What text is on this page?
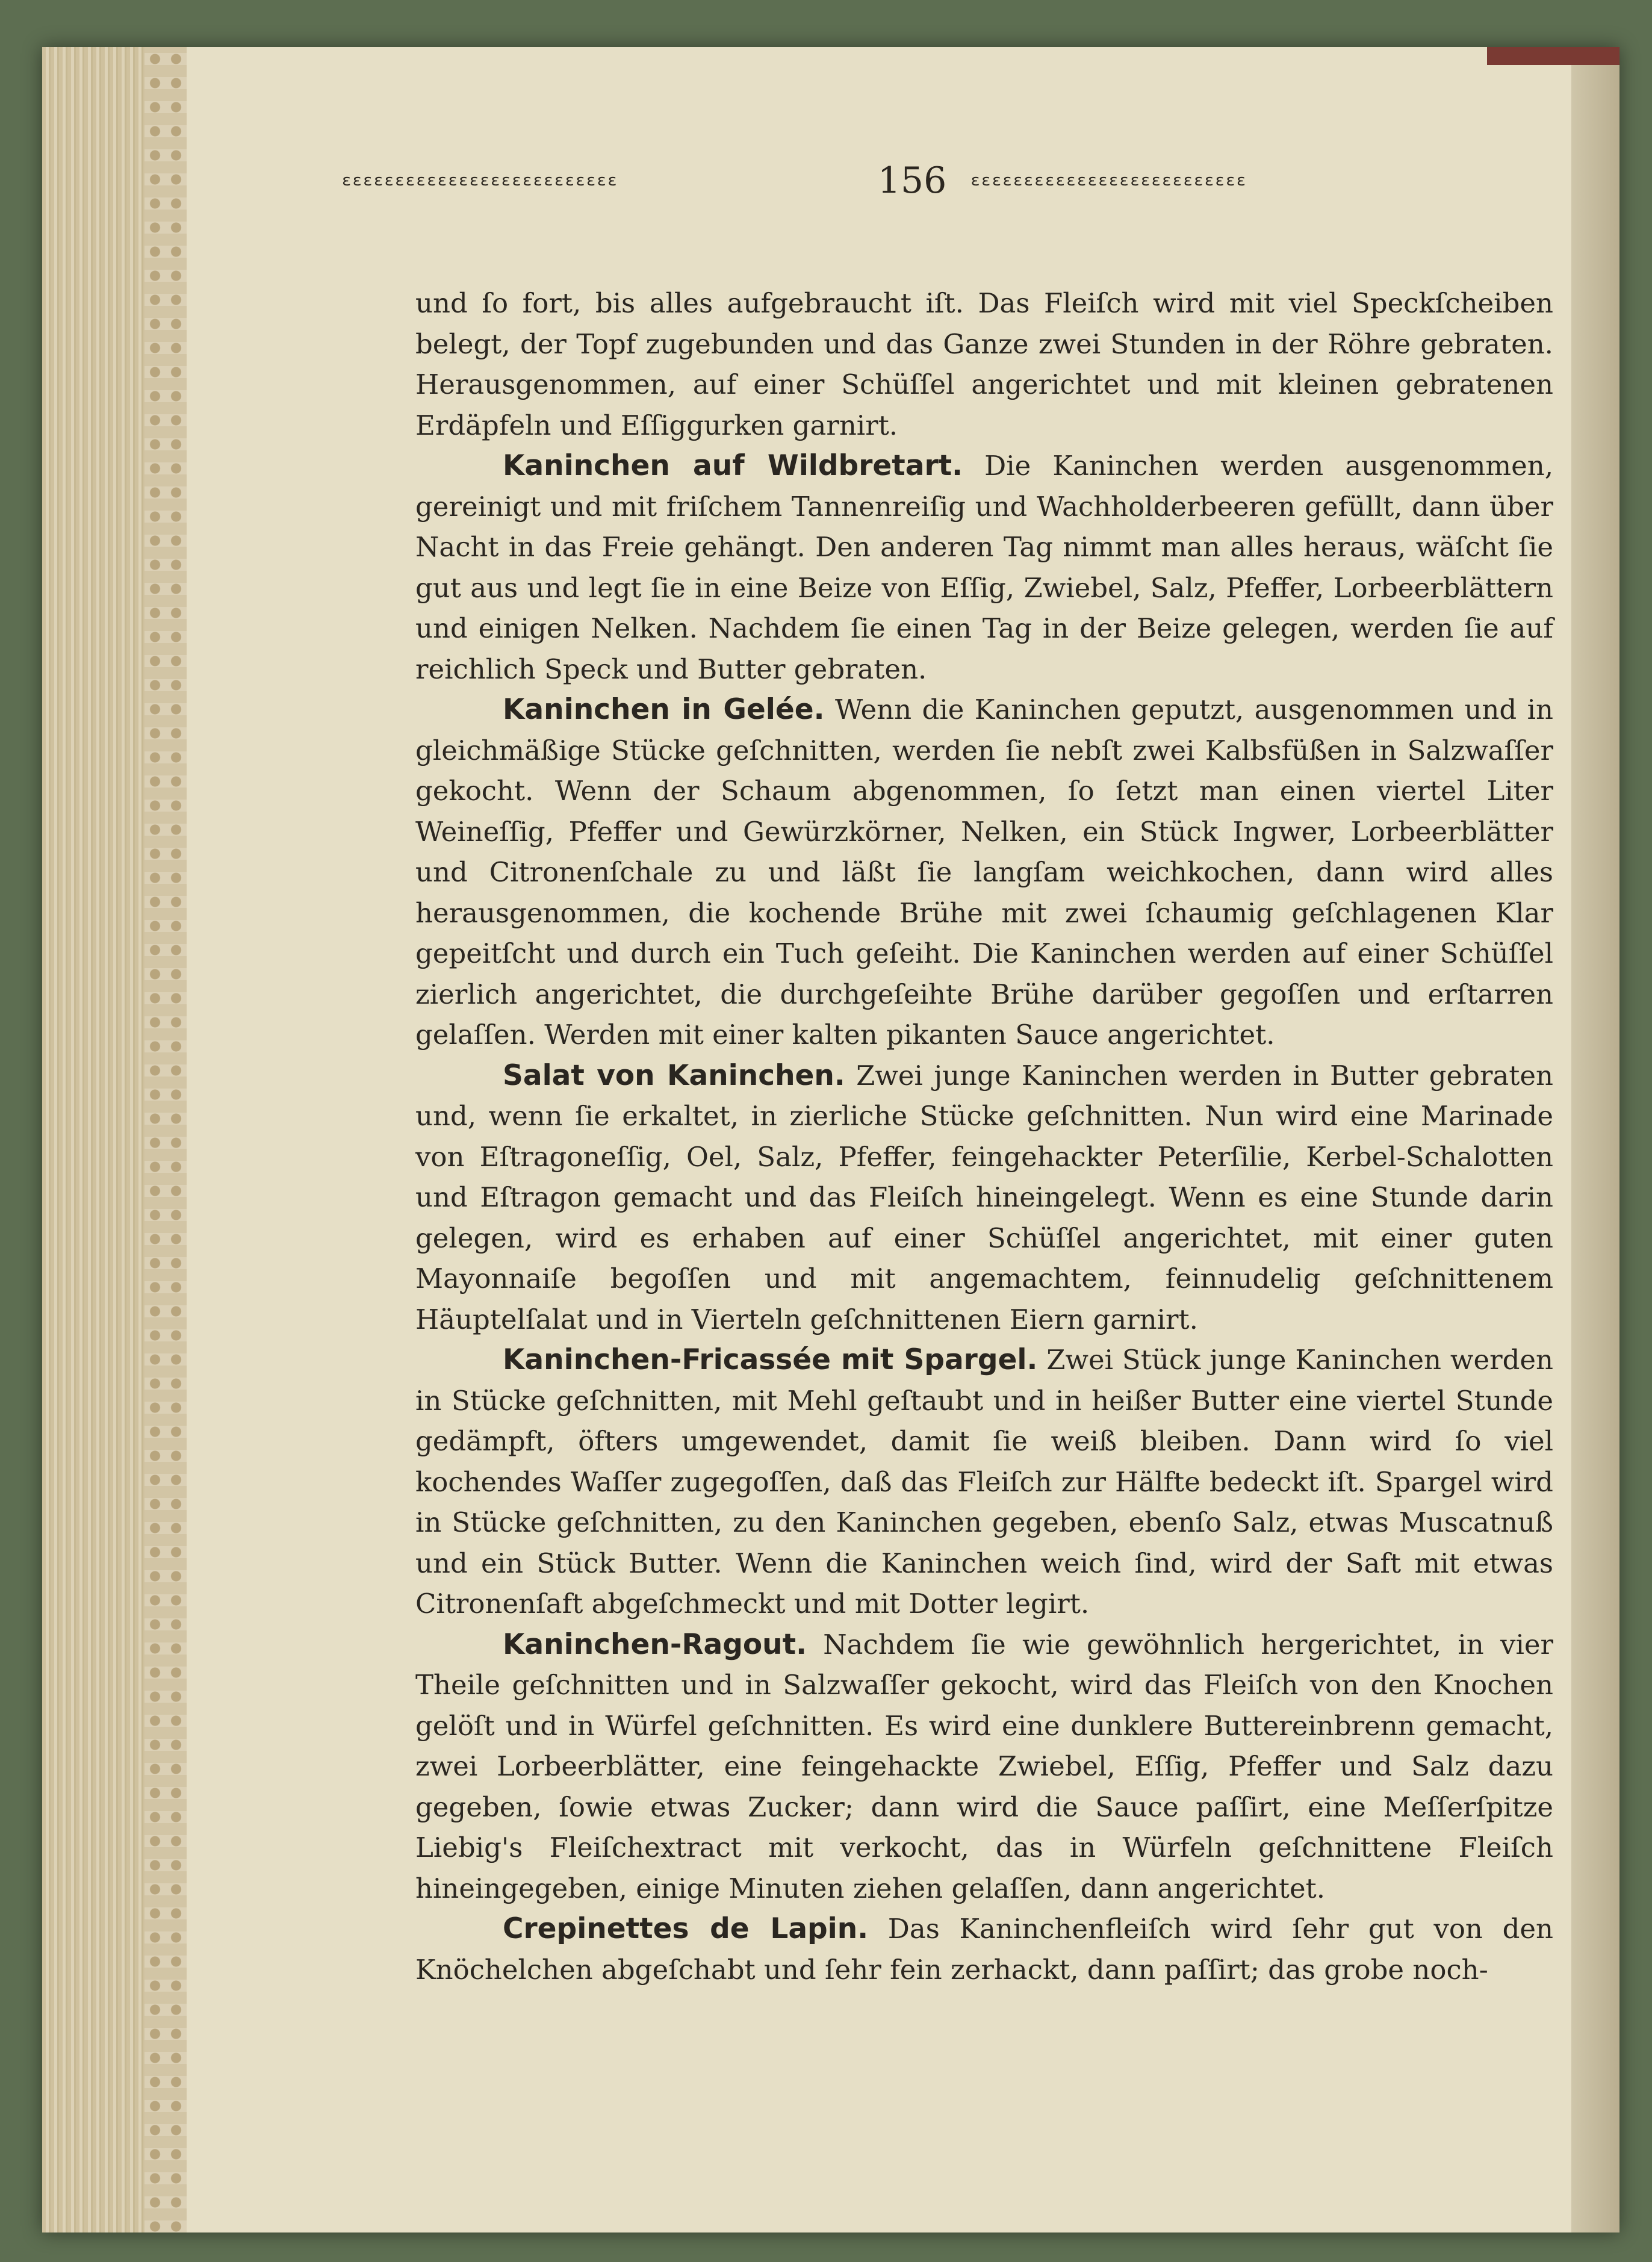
ɛɛɛɛɛɛɛɛɛɛɛɛɛɛɛɛɛɛɛɛɛɛɛɛɛɛ	156 ɛɛɛɛɛɛɛɛɛɛɛɛɛɛɛɛɛɛɛɛɛɛɛɛɛɛ

und ſo fort, bis alles aufgebraucht iſt. Das Fleiſch wird mit viel Speckſcheiben belegt, der Topf zugebunden und das Ganze zwei Stunden in der Röhre gebraten. Herausgenommen, auf einer Schüſſel angerichtet und mit kleinen gebratenen Erdäpfeln und Eſſiggurken garnirt.

Kaninchen auf Wildbretart. Die Kaninchen werden ausgenommen, gereinigt und mit friſchem Tannenreiſig und Wachholderbeeren gefüllt, dann über Nacht in das Freie gehängt. Den anderen Tag nimmt man alles heraus, wäſcht ſie gut aus und legt ſie in eine Beize von Eſſig, Zwiebel, Salz, Pfeffer, Lorbeerblättern und einigen Nelken. Nachdem ſie einen Tag in der Beize gelegen, werden ſie auf reichlich Speck und Butter gebraten.

Kaninchen in Gelée. Wenn die Kaninchen geputzt, ausgenommen und in gleichmäßige Stücke geſchnitten, werden ſie nebſt zwei Kalbsfüßen in Salzwaſſer gekocht. Wenn der Schaum abgenommen, ſo ſetzt man einen viertel Liter Weineſſig, Pfeffer und Gewürzkörner, Nelken, ein Stück Ingwer, Lorbeerblätter und Citronenſchale zu und läßt ſie langſam weichkochen, dann wird alles herausgenommen, die kochende Brühe mit zwei ſchaumig geſchlagenen Klar gepeitſcht und durch ein Tuch geſeiht. Die Kaninchen werden auf einer Schüſſel zierlich angerichtet, die durchgeſeihte Brühe darüber gegoſſen und erſtarren gelaſſen. Werden mit einer kalten pikanten Sauce angerichtet.

Salat von Kaninchen. Zwei junge Kaninchen werden in Butter gebraten und, wenn ſie erkaltet, in zierliche Stücke geſchnitten. Nun wird eine Marinade von Eſtragoneſſig, Oel, Salz, Pfeffer, feingehackter Peterſilie, Kerbel-Schalotten und Eſtragon gemacht und das Fleiſch hineingelegt. Wenn es eine Stunde darin gelegen, wird es erhaben auf einer Schüſſel angerichtet, mit einer guten Mayonnaiſe begoſſen und mit angemachtem, feinnudelig geſchnittenem Häuptelſalat und in Vierteln geſchnittenen Eiern garnirt.

Kaninchen-Fricassée mit Spargel. Zwei Stück junge Kaninchen werden in Stücke geſchnitten, mit Mehl geſtaubt und in heißer Butter eine viertel Stunde gedämpft, öfters umgewendet, damit ſie weiß bleiben. Dann wird ſo viel kochendes Waſſer zugegoſſen, daß das Fleiſch zur Hälfte bedeckt iſt. Spargel wird in Stücke geſchnitten, zu den Kaninchen gegeben, ebenſo Salz, etwas Muscatnuß und ein Stück Butter. Wenn die Kaninchen weich ſind, wird der Saft mit etwas Citronenſaft abgeſchmeckt und mit Dotter legirt.

Kaninchen-Ragout. Nachdem ſie wie gewöhnlich hergerichtet, in vier Theile geſchnitten und in Salzwaſſer gekocht, wird das Fleiſch von den Knochen gelöſt und in Würfel geſchnitten. Es wird eine dunklere Buttereinbrenn gemacht, zwei Lorbeerblätter, eine feingehackte Zwiebel, Eſſig, Pfeffer und Salz dazu gegeben, ſowie etwas Zucker; dann wird die Sauce paſſirt, eine Meſſerſpitze Liebig's Fleiſchextract mit verkocht, das in Würfeln geſchnittene Fleiſch hineingegeben, einige Minuten ziehen gelaſſen, dann angerichtet.

Crepinettes de Lapin. Das Kaninchenfleiſch wird ſehr gut von den Knöchelchen abgeſchabt und ſehr fein zerhackt, dann paſſirt; das grobe noch-
